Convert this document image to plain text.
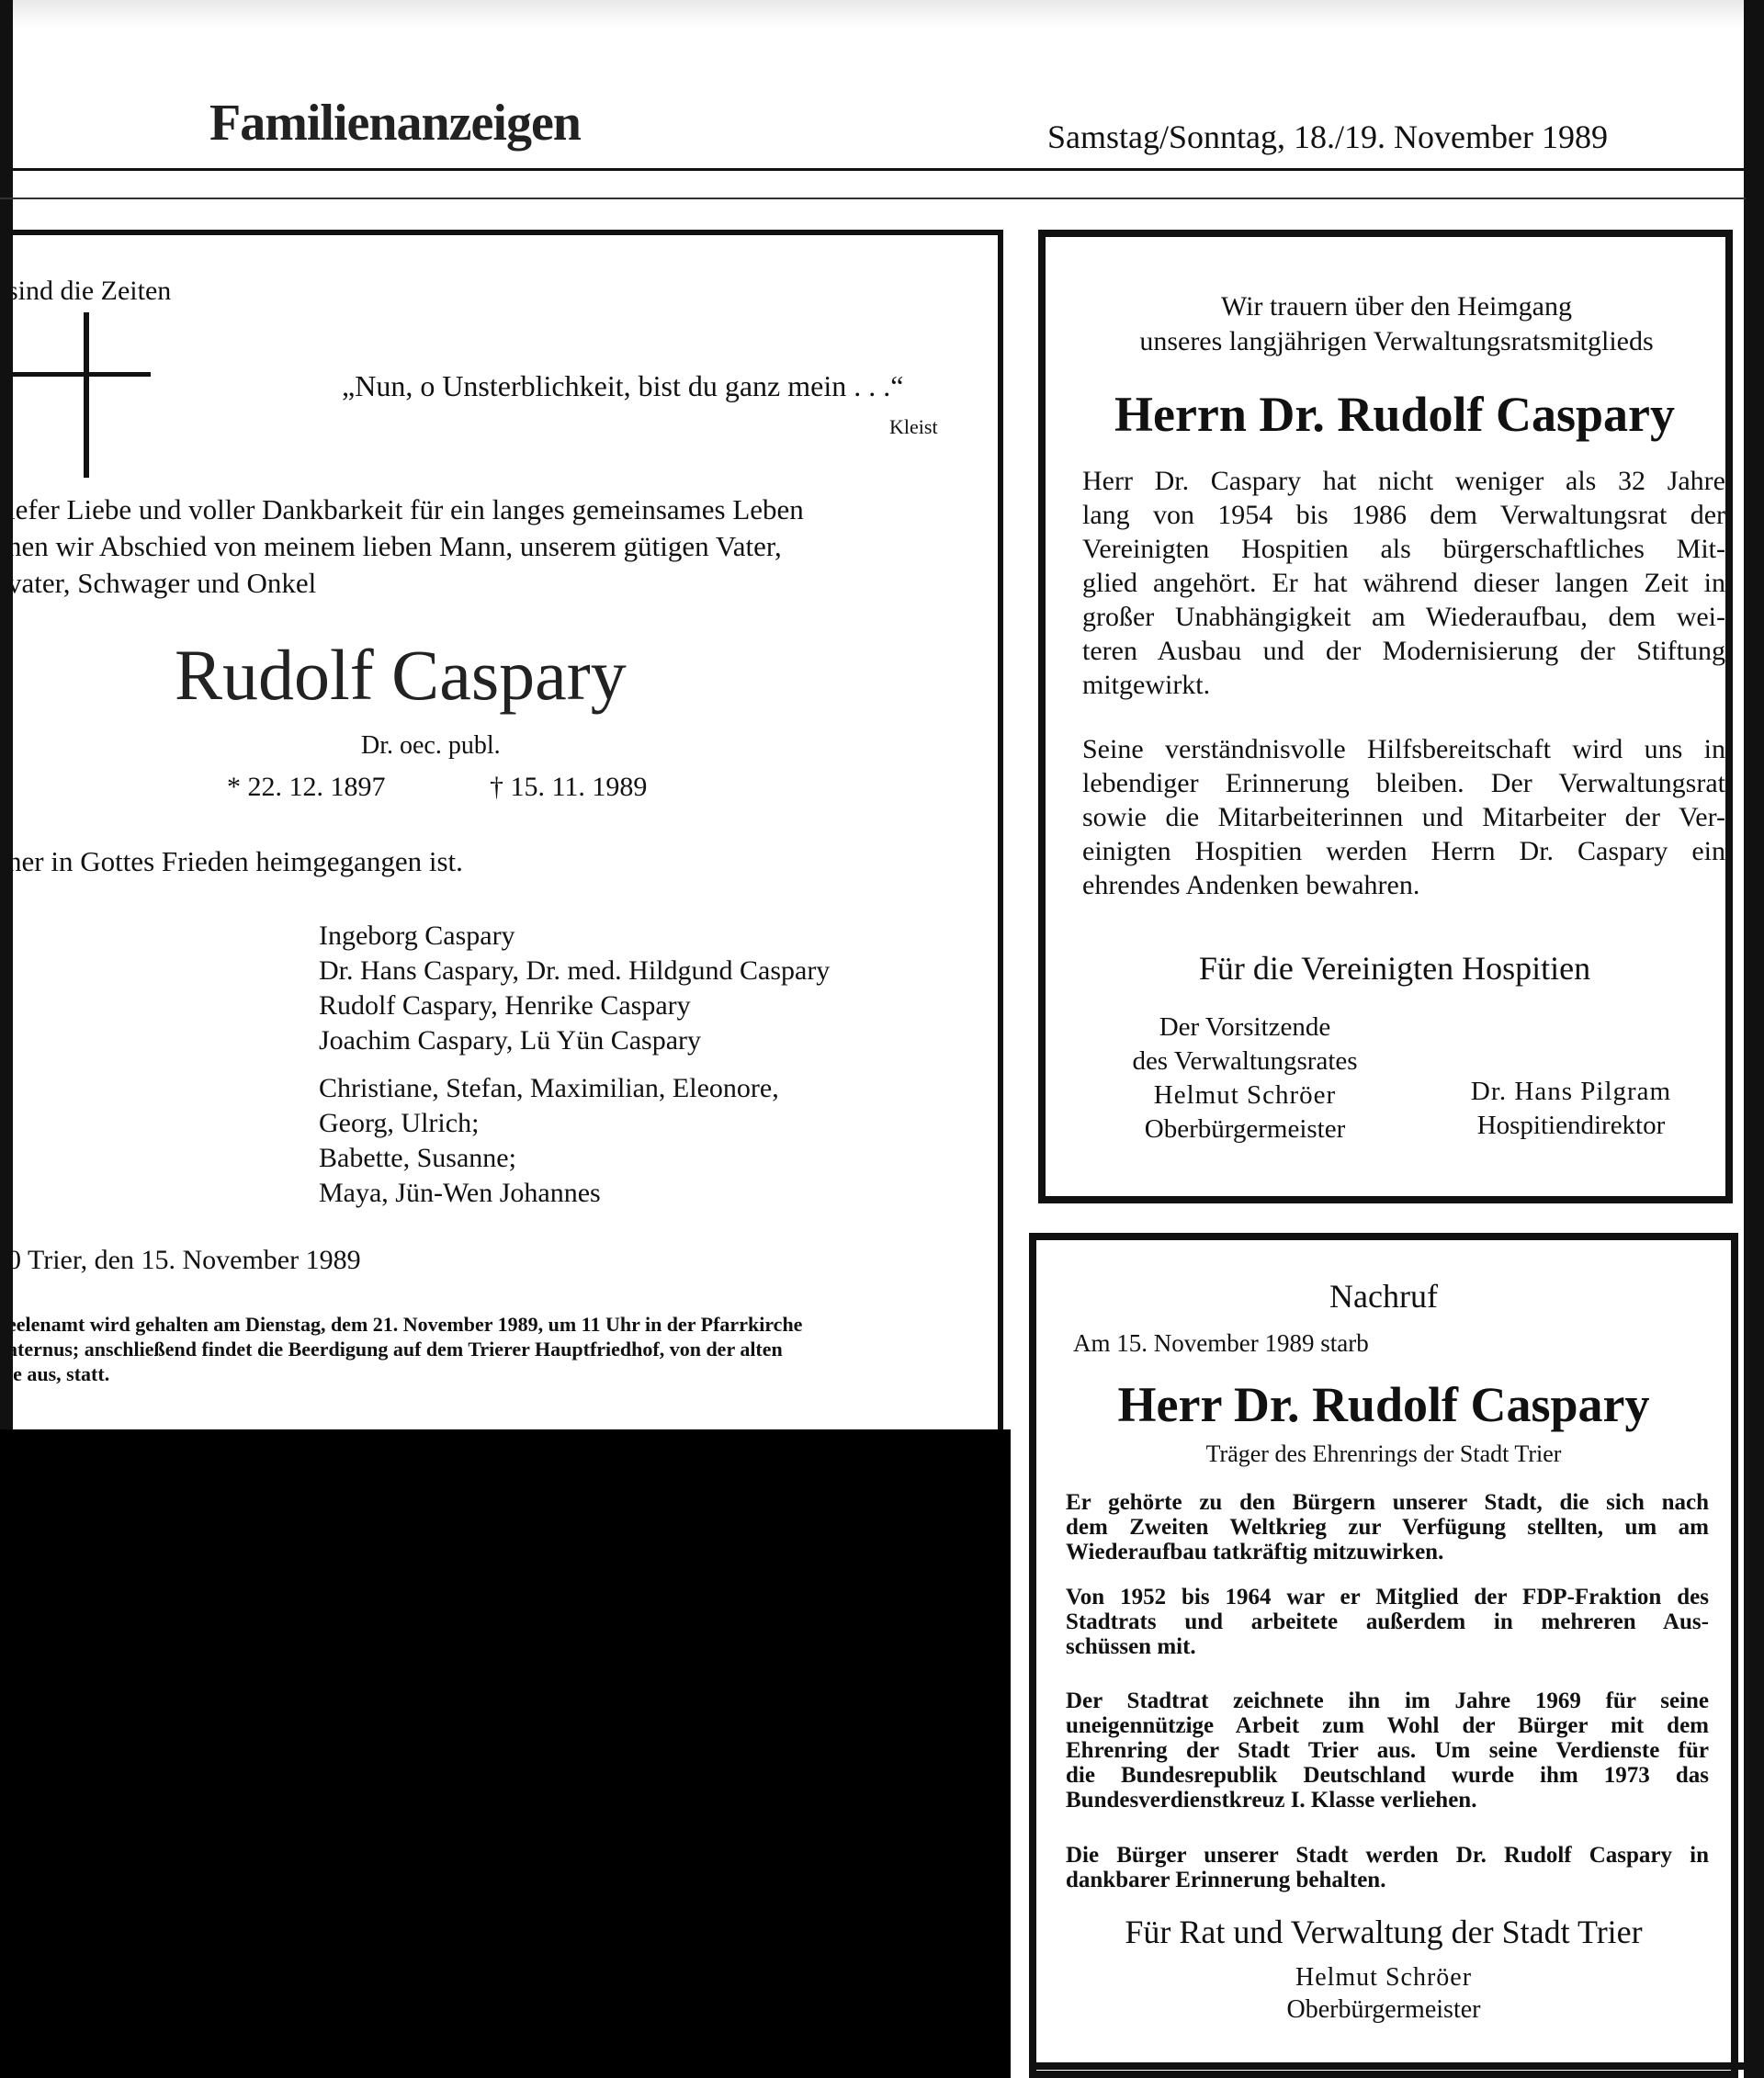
Familienanzeigen	Samstag/Sonntag, 18./19. November 1989
sind die Zeiten
„Nun, o Unsterblichkeit, bist du ganz mein . . .“
Kleist
iefer Liebe und voller Dankbarkeit für ein langes gemeinsames Leben
nen wir Abschied von meinem lieben Mann, unserem gütigen Vater,
vater, Schwager und Onkel
Rudolf Caspary
Dr. oec. publ.
* 22. 12. 1897	† 15. 11. 1989
her in Gottes Frieden heimgegangen ist.
Ingeborg Caspary
Dr. Hans Caspary, Dr. med. Hildgund Caspary
Rudolf Caspary, Henrike Caspary
Joachim Caspary, Lü Yün Caspary
Christiane, Stefan, Maximilian, Eleonore,
Georg, Ulrich;
Babette, Susanne;
Maya, Jün-Wen Johannes
0 Trier, den 15. November 1989
eelenamt wird gehalten am Dienstag, dem 21. November 1989, um 11 Uhr in der Pfarrkirche
aternus; anschließend findet die Beerdigung auf dem Trierer Hauptfriedhof, von der alten
le aus, statt.
Wir trauern über den Heimgang
unseres langjährigen Verwaltungsratsmitglieds
Herrn Dr. Rudolf Caspary
Herr Dr. Caspary hat nicht weniger als 32 Jahre
lang von 1954 bis 1986 dem Verwaltungsrat der
Vereinigten Hospitien als bürgerschaftliches Mit-
glied angehört. Er hat während dieser langen Zeit in
großer Unabhängigkeit am Wiederaufbau, dem wei-
teren Ausbau und der Modernisierung der Stiftung
mitgewirkt.
Seine verständnisvolle Hilfsbereitschaft wird uns in
lebendiger Erinnerung bleiben. Der Verwaltungsrat
sowie die Mitarbeiterinnen und Mitarbeiter der Ver-
einigten Hospitien werden Herrn Dr. Caspary ein
ehrendes Andenken bewahren.
Für die Vereinigten Hospitien
Der Vorsitzende
des Verwaltungsrates
Helmut Schröer
Oberbürgermeister
Dr. Hans Pilgram
Hospitiendirektor
Nachruf
Am 15. November 1989 starb
Herr Dr. Rudolf Caspary
Träger des Ehrenrings der Stadt Trier
Er gehörte zu den Bürgern unserer Stadt, die sich nach
dem Zweiten Weltkrieg zur Verfügung stellten, um am
Wiederaufbau tatkräftig mitzuwirken.
Von 1952 bis 1964 war er Mitglied der FDP-Fraktion des
Stadtrats und arbeitete außerdem in mehreren Aus-
schüssen mit.
Der Stadtrat zeichnete ihn im Jahre 1969 für seine
uneigennützige Arbeit zum Wohl der Bürger mit dem
Ehrenring der Stadt Trier aus. Um seine Verdienste für
die Bundesrepublik Deutschland wurde ihm 1973 das
Bundesverdienstkreuz I. Klasse verliehen.
Die Bürger unserer Stadt werden Dr. Rudolf Caspary in
dankbarer Erinnerung behalten.
Für Rat und Verwaltung der Stadt Trier
Helmut Schröer
Oberbürgermeister
